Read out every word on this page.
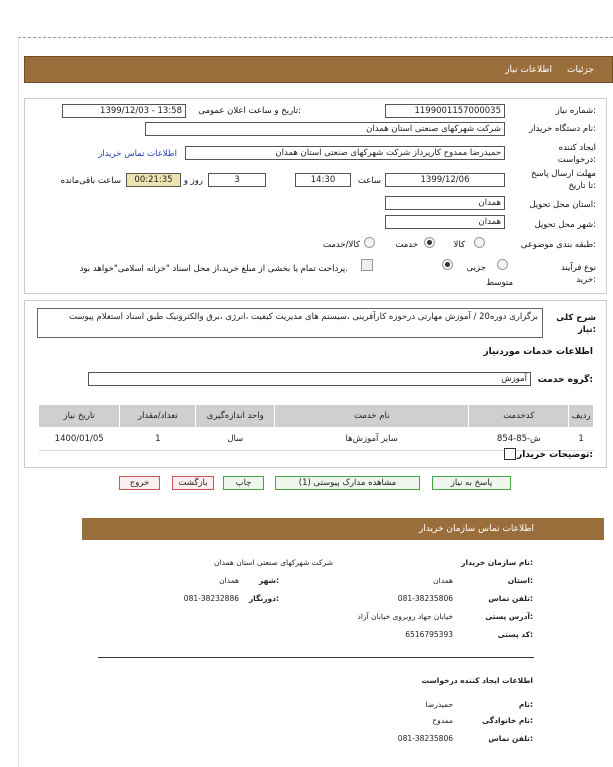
جزئیات
اطلاعات نیاز
شماره نیاز:
1199001157000035
تاریخ و ساعت اعلان عمومی:
1399/12/03 - 13:58
نام دستگاه خریدار:
شرکت شهرکهای صنعتی استان همدان
ایجاد کننده درخواست:
حمیدرضا ممدوح کارپرداز شرکت شهرکهای صنعتی استان همدان
اطلاعات تماس خریدار
مهلت ارسال پاسخ تا تاریخ:
1399/12/06
ساعت
14:30
3
روز و
00:21:35
ساعت باقی‌مانده
استان محل تحویل:
همدان
شهر محل تحویل:
همدان
طبقه بندی موضوعی:
کالا
خدمت
کالا/خدمت
نوع فرآیند خرید:
جزیی
متوسط
پرداخت تمام یا بخشی از مبلغ خرید،از محل اسناد "خزانه اسلامی"خواهد بود.
شرح کلی نیاز:
برگزاری دوره20 / آموزش مهارتی درحوزه کارآفرینی ،سیستم های مدیریت کیفیت ،انرژی ،برق والکترونیک طبق اسناد استعلام پیوست
اطلاعات خدمات موردنیاز
گروه خدمت:
آموزش
ردیف	کدخدمت	نام خدمت	واحد اندازه‌گیری	تعداد/مقدار	تاریخ نیاز
1	ش-85-854	سایر آموزش‌ها	سال	1	1400/01/05
توضیحات خریدار:
پاسخ به نیاز
مشاهده مدارک پیوستی (1)
چاپ
بازگشت
خروج
اطلاعات تماس سازمان خریدار
نام سازمان خریدار:
شرکت شهرکهای صنعتی استان همدان
استان:
همدان
شهر:
همدان
تلفن تماس:
081-38235806
دورنگار:
081-38232886
آدرس پستی:
خیابان جهاد روبروی خیابان آزاد
کد پستی:
6516795393
اطلاعات ایجاد کننده درخواست
نام:
حمیدرضا
نام خانوادگی:
ممدوح
تلفن تماس:
081-38235806
